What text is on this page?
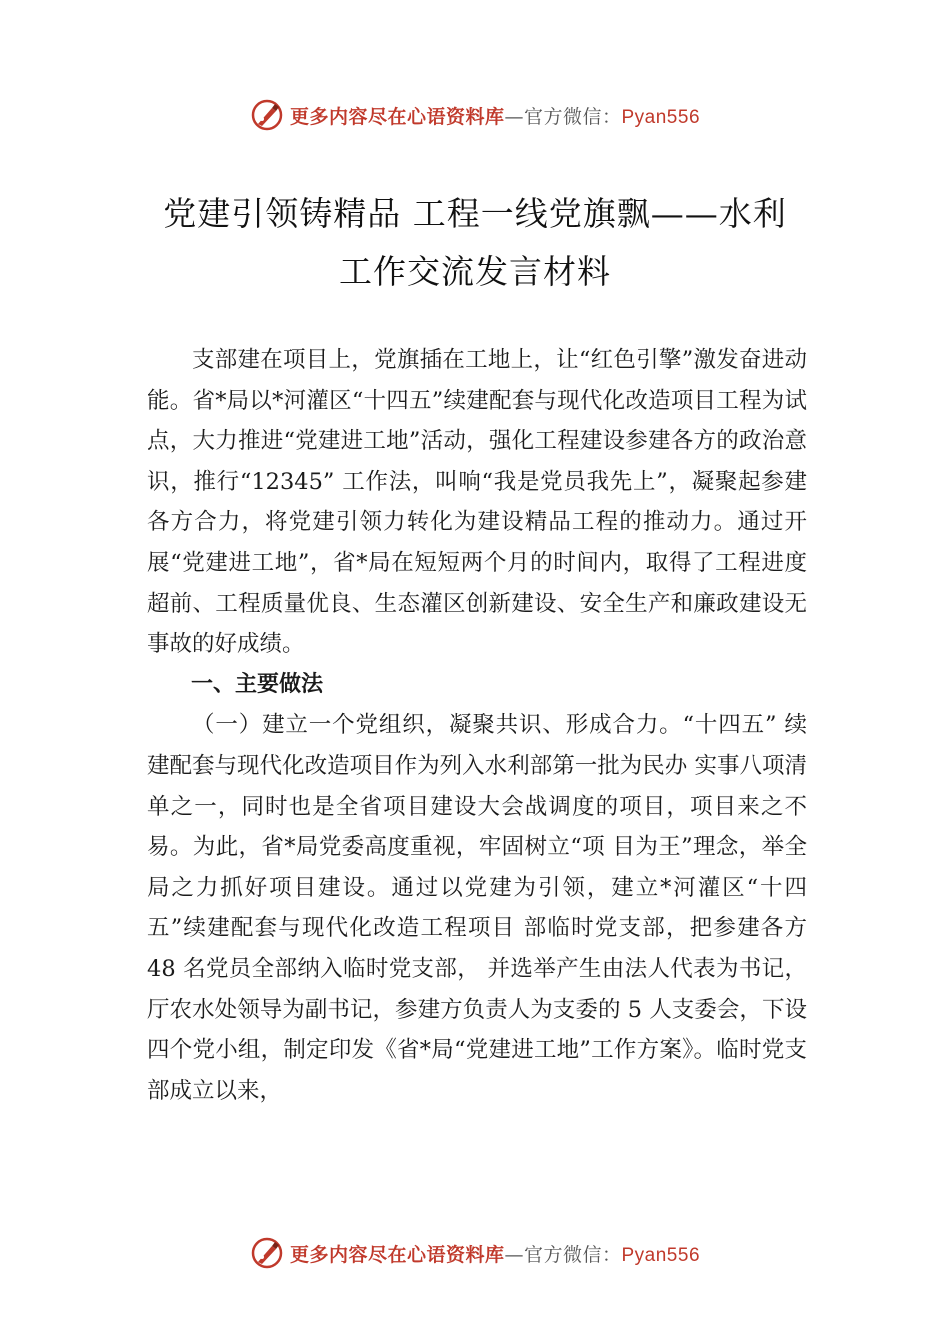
更多内容尽在心语资料库—官方微信：Pyan556
党建引领铸精品 工程一线党旗飘——水利
工作交流发言材料

支部建在项目上，党旗插在工地上，让“红色引擎”激发奋进动能。省*局以*河灌区“十四五”续建配套与现代化改造项目工程为试点，大力推进“党建进工地”活动，强化工程建设参建各方的政治意识，推行“12345” 工作法，叫响“我是党员我先上”，凝聚起参建各方合力，将党建引领力转化为建设精品工程的推动力。通过开展“党建进工地”，省*局在短短两个月的时间内，取得了工程进度超前、工程质量优良、生态灌区创新建设、安全生产和廉政建设无事故的好成绩。

一、主要做法

（一）建立一个党组织，凝聚共识、形成合力。“十四五” 续建配套与现代化改造项目作为列入水利部第一批为民办 实事八项清单之一，同时也是全省项目建设大会战调度的项目，项目来之不易。为此，省*局党委高度重视，牢固树立“项 目为王”理念，举全局之力抓好项目建设。通过以党建为引领，建立*河灌区“十四五”续建配套与现代化改造工程项目 部临时党支部，把参建各方 48 名党员全部纳入临时党支部， 并选举产生由法人代表为书记，厅农水处领导为副书记，参建方负责人为支委的 5 人支委会，下设四个党小组，制定印发《省*局“党建进工地”工作方案》。临时党支部成立以来，

更多内容尽在心语资料库—官方微信：Pyan556
